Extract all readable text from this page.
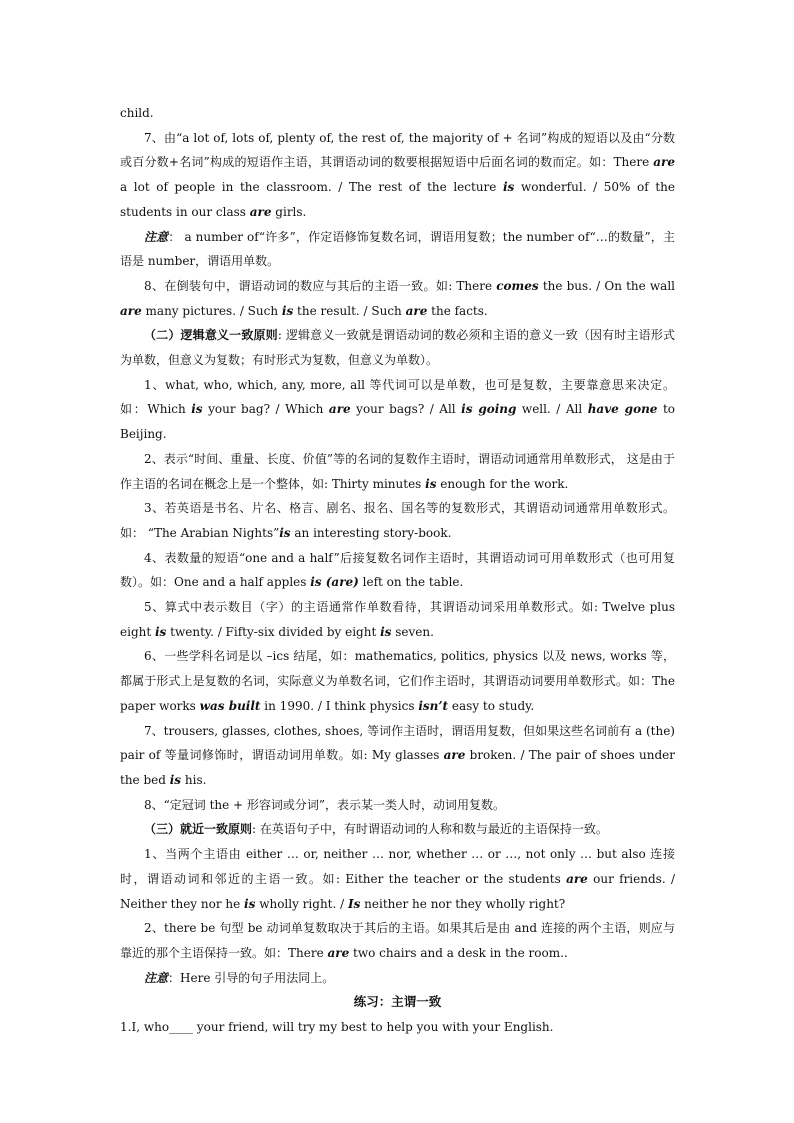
child.

7、由“a lot of, lots of, plenty of, the rest of, the majority of + 名词”构成的短语以及由“分数或百分数+名词”构成的短语作主语，其谓语动词的数要根据短语中后面名词的数而定。如：There are a lot of people in the classroom. / The rest of the lecture is wonderful. / 50% of the students in our class are girls.

注意： a number of“许多”，作定语修饰复数名词，谓语用复数；the number of“…的数量”，主语是 number，谓语用单数。

8、在倒装句中，谓语动词的数应与其后的主语一致。如: There comes the bus. / On the wall are many pictures. / Such is the result. / Such are the facts.

（二）逻辑意义一致原则: 逻辑意义一致就是谓语动词的数必须和主语的意义一致（因有时主语形式为单数，但意义为复数；有时形式为复数，但意义为单数）。

1、what, who, which, any, more, all 等代词可以是单数，也可是复数，主要靠意思来决定。如：Which is your bag? / Which are your bags? / All is going well. / All have gone to Beijing.

2、表示“时间、重量、长度、价值”等的名词的复数作主语时，谓语动词通常用单数形式， 这是由于作主语的名词在概念上是一个整体，如: Thirty minutes is enough for the work.

3、若英语是书名、片名、格言、剧名、报名、国名等的复数形式，其谓语动词通常用单数形式。如： “The Arabian Nights”is an interesting story-book.

4、表数量的短语“one and a half”后接复数名词作主语时，其谓语动词可用单数形式（也可用复数）。如：One and a half apples is (are) left on the table.

5、算式中表示数目（字）的主语通常作单数看待，其谓语动词采用单数形式。如: Twelve plus eight is twenty. / Fifty-six divided by eight is seven.

6、一些学科名词是以 –ics 结尾，如：mathematics, politics, physics 以及 news, works 等，都属于形式上是复数的名词，实际意义为单数名词，它们作主语时，其谓语动词要用单数形式。如：The paper works was built in 1990. / I think physics isn’t easy to study.

7、trousers, glasses, clothes, shoes, 等词作主语时，谓语用复数，但如果这些名词前有 a (the) pair of 等量词修饰时，谓语动词用单数。如: My glasses are broken. / The pair of shoes under the bed is his.

8、“定冠词 the + 形容词或分词”，表示某一类人时，动词用复数。

（三）就近一致原则: 在英语句子中，有时谓语动词的人称和数与最近的主语保持一致。

1、当两个主语由 either … or, neither … nor, whether … or …, not only … but also 连接时，谓语动词和邻近的主语一致。如: Either the teacher or the students are our friends. / Neither they nor he is wholly right. / Is neither he nor they wholly right?

2、there be 句型 be 动词单复数取决于其后的主语。如果其后是由 and 连接的两个主语，则应与靠近的那个主语保持一致。如：There are two chairs and a desk in the room..

注意：Here 引导的句子用法同上。

练习：主谓一致

1.I, who____ your friend, will try my best to help you with your English.
